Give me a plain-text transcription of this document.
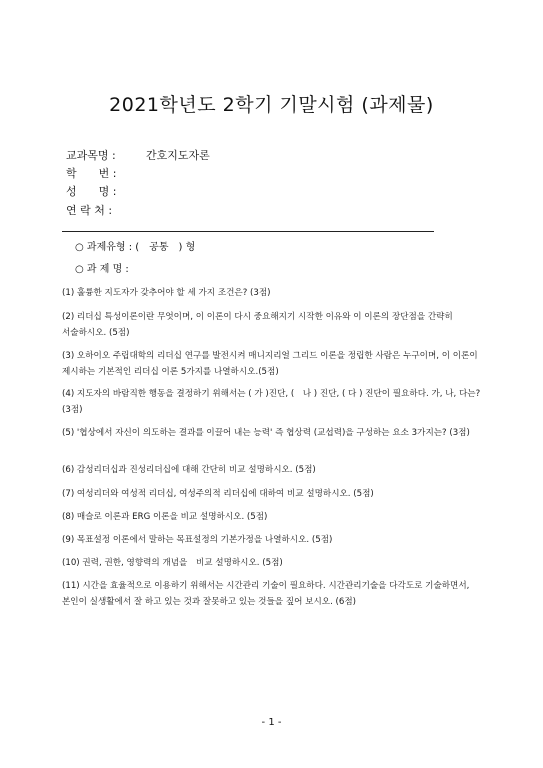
2021학년도 2학기 기말시험 (과제물)
교과목명 :	간호지도자론
학　　번 :
성　　명 :
연 락 처 :
○ 과제유형 : (　공통　) 형
○ 과 제 명 :
(1) 훌륭한 지도자가 갖추어야 할 세 가지 조건은? (3점)
(2) 리더십 특성이론이란 무엇이며, 이 이론이 다시 중요해지기 시작한 이유와 이 이론의 장단점을 간략히 서술하시오. (5점)
(3) 오하이오 주립대학의 리더십 연구를 발전시켜 매니지리얼 그리드 이론을 정립한 사람은 누구이며, 이 이론이 제시하는 기본적인 리더십 이론 5가지를 나열하시오.(5점)
(4) 지도자의 바람직한 행동을 결정하기 위해서는 ( 가 )진단, (　나 ) 진단, ( 다 ) 진단이 필요하다. 가, 나, 다는? (3점)
(5) '협상에서 자신이 의도하는 결과를 이끌어 내는 능력' 즉 협상력 (교섭력)을 구성하는 요소 3가지는? (3점)
(6) 감성리더십과 진성리더십에 대해 간단히 비교 설명하시오. (5점)
(7) 여성리더와 여성적 리더십, 여성주의적 리더십에 대하여 비교 설명하시오. (5점)
(8) 매슬로 이론과 ERG 이론을 비교 설명하시오. (5점)
(9) 목표설정 이론에서 말하는 목표설정의 기본가정을 나열하시오. (5점)
(10) 권력, 권한, 영향력의 개념을　비교 설명하시오. (5점)
(11) 시간을 효율적으로 이용하기 위해서는 시간관리 기술이 필요하다. 시간관리기술을 다각도로 기술하면서, 본인이 실생활에서 잘 하고 있는 것과 잘못하고 있는 것들을 짚어 보시오. (6점)
- 1 -
